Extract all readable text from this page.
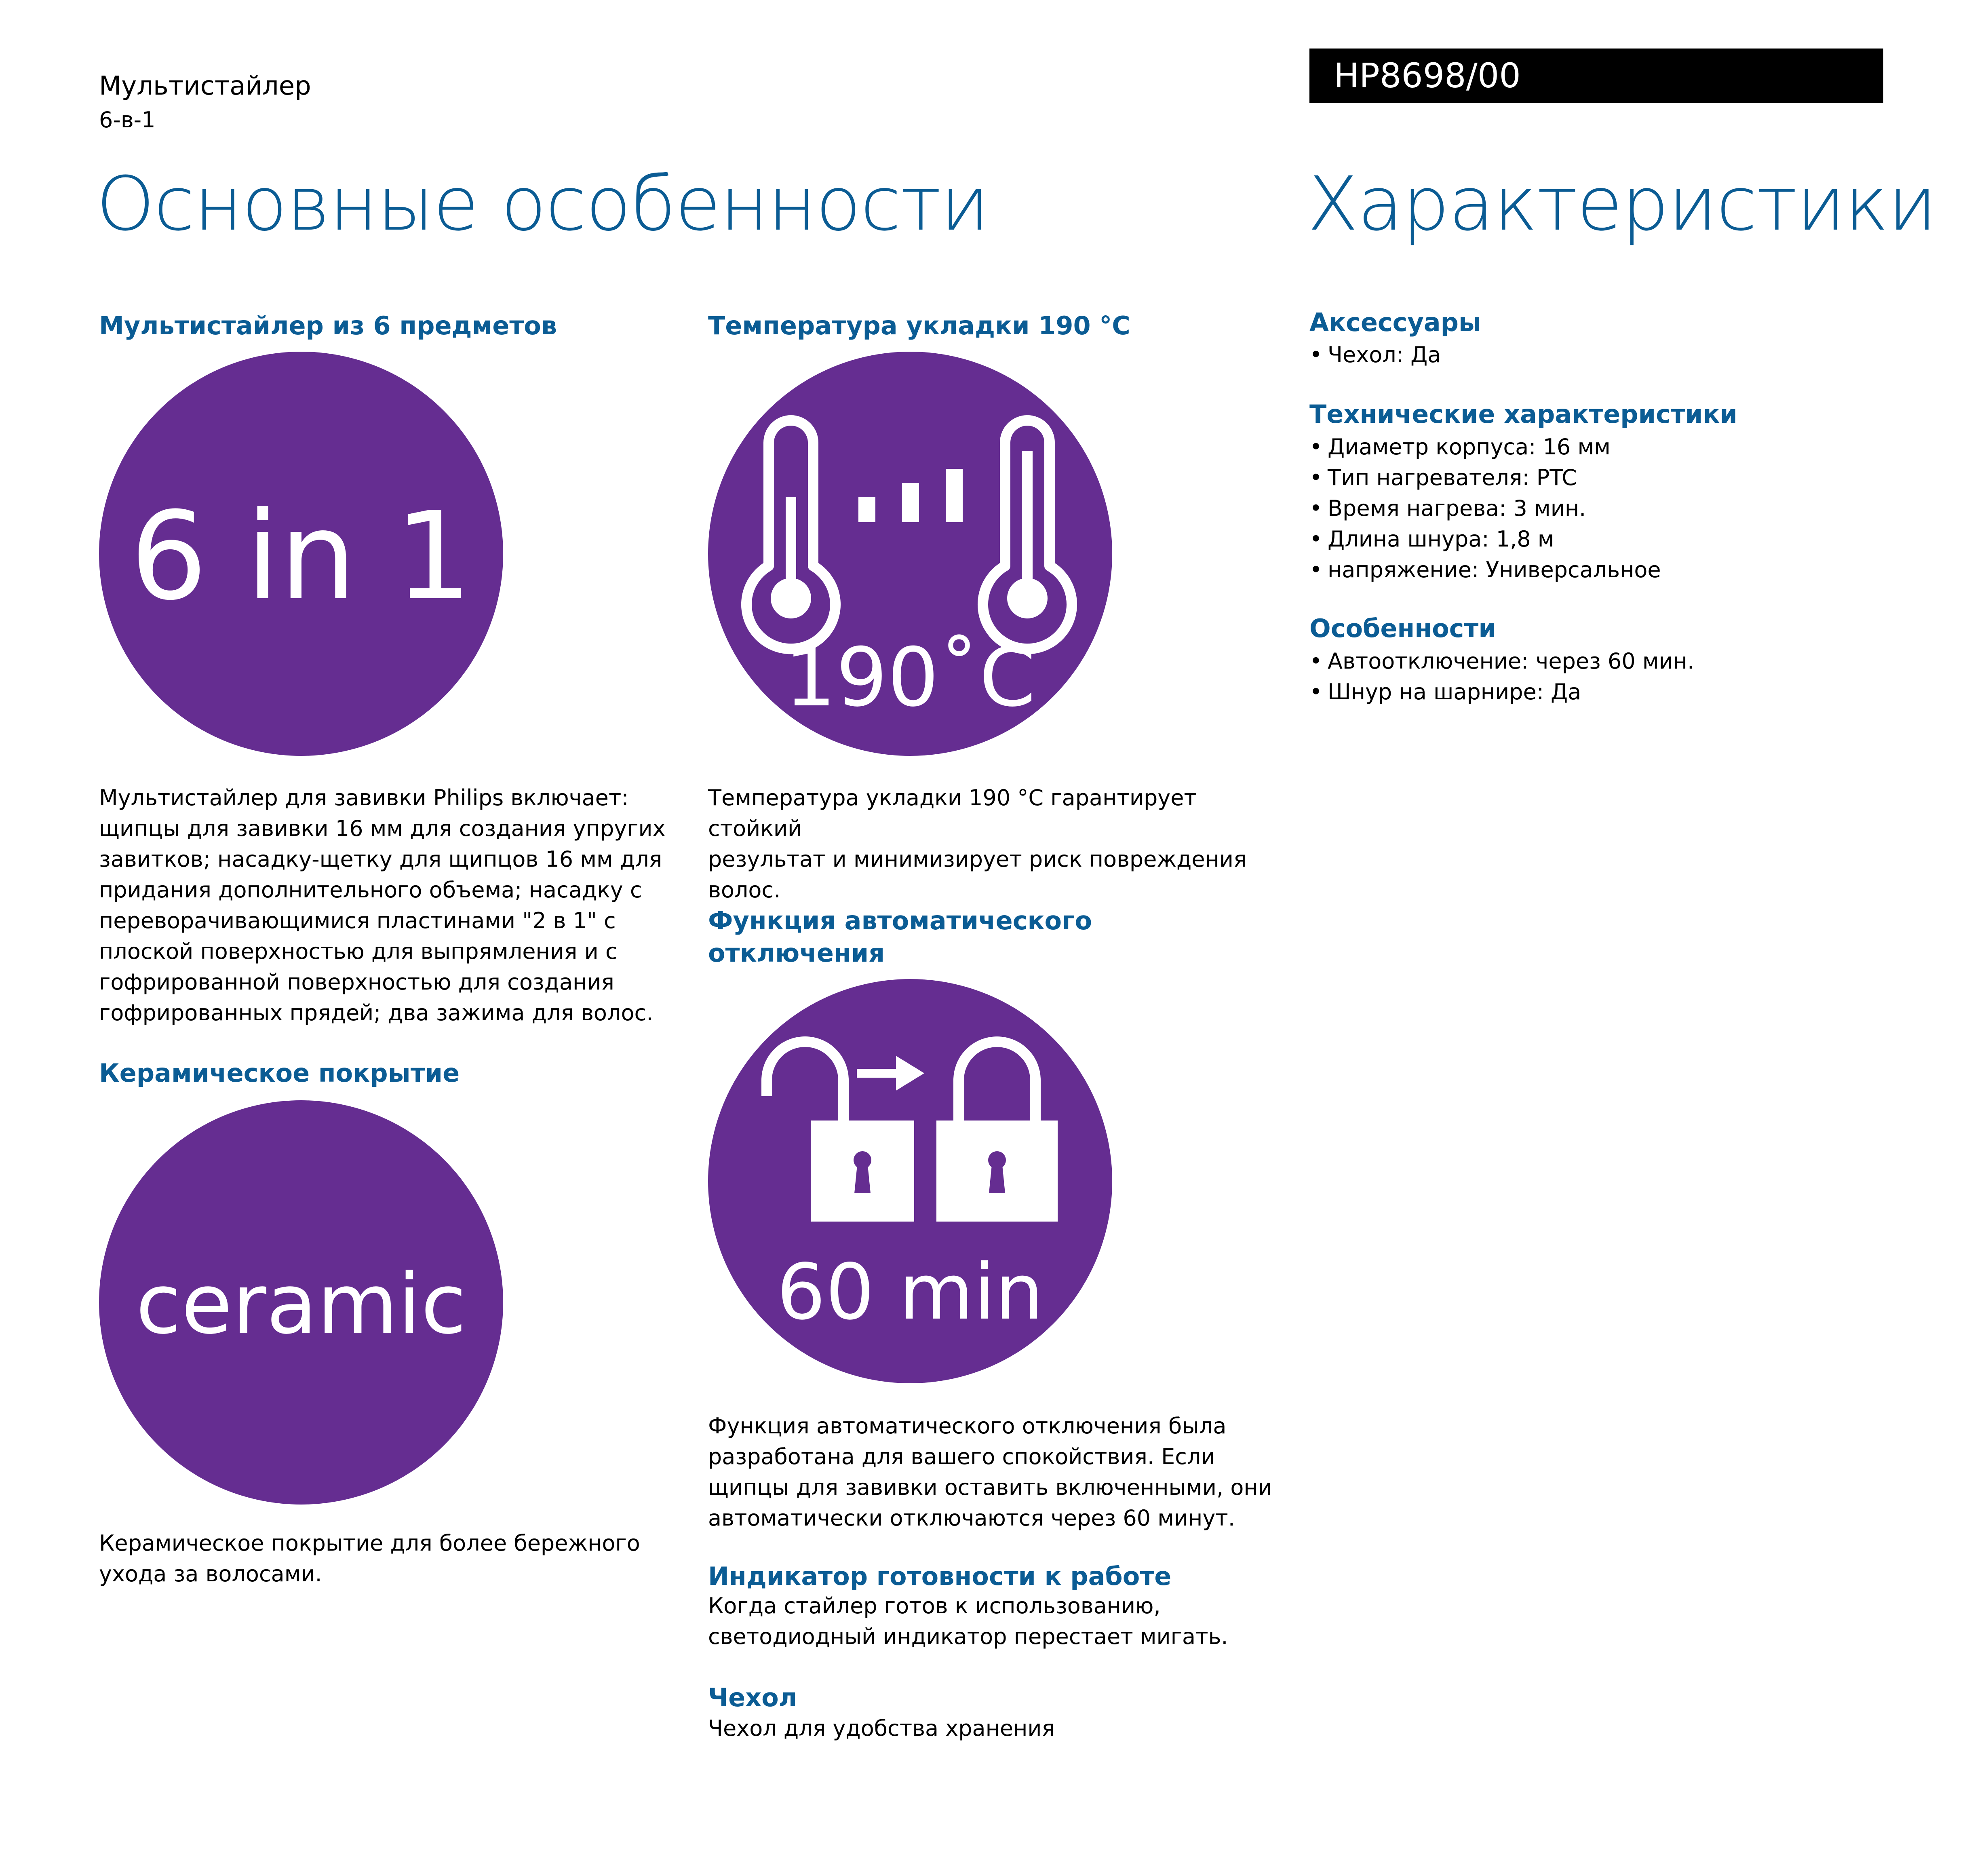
Мультистайлер
6-в-1
HP8698/00
Основные особенности	Характеристики
Мультистайлер из 6 предметов
6 in 1
Мультистайлер для завивки Philips включает:
щипцы для завивки 16 мм для создания упругих
завитков; насадку-щетку для щипцов 16 мм для
придания дополнительного объема; насадку с
переворачивающимися пластинами "2 в 1" с
плоской поверхностью для выпрямления и с
гофрированной поверхностью для создания
гофрированных прядей; два зажима для волос.
Керамическое покрытие
ceramic
Керамическое покрытие для более бережного
ухода за волосами.
Температура укладки 190 °C
190˚C
Температура укладки 190 °C гарантирует стойкий
результат и минимизирует риск повреждения
волос.
Функция автоматического
отключения
60 min
Функция автоматического отключения была
разработана для вашего спокойствия. Если
щипцы для завивки оставить включенными, они
автоматически отключаются через 60 минут.
Индикатор готовности к работе
Когда стайлер готов к использованию,
светодиодный индикатор перестает мигать.
Чехол
Чехол для удобства хранения
Аксессуары
• Чехол: Да
Технические характеристики
• Диаметр корпуса: 16 мм
• Тип нагревателя: PTC
• Время нагрева: 3 мин.
• Длина шнура: 1,8 м
• напряжение: Универсальное
Особенности
• Автоотключение: через 60 мин.
• Шнур на шарнире: Да
